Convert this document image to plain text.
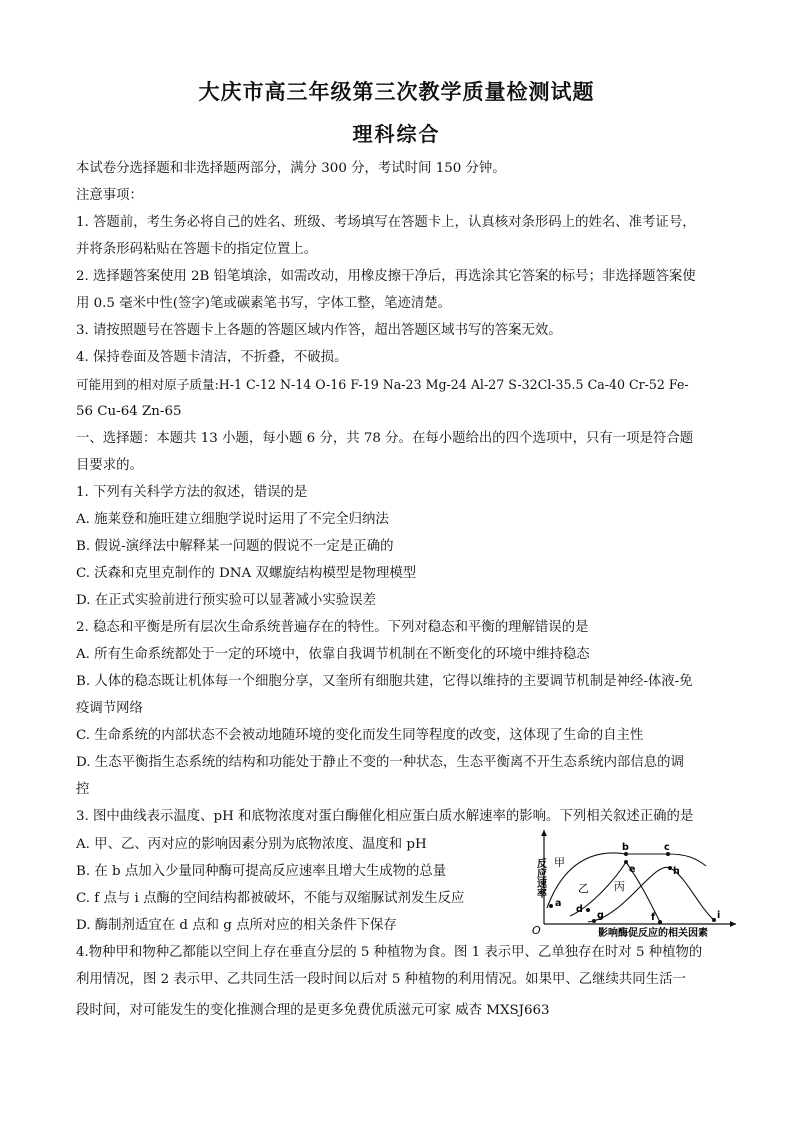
大庆市高三年级第三次教学质量检测试题
理科综合
本试卷分选择题和非选择题两部分，满分 300 分，考试时间 150 分钟。
注意事项：
1. 答题前，考生务必将自己的姓名、班级、考场填写在答题卡上，认真核对条形码上的姓名、准考证号，
并将条形码粘贴在答题卡的指定位置上。
2. 选择题答案使用 2B 铅笔填涂，如需改动，用橡皮擦干净后，再选涂其它答案的标号；非选择题答案使
用 0.5 毫米中性(签字)笔或碳素笔书写，字体工整，笔迹清楚。
3. 请按照题号在答题卡上各题的答题区域内作答，超出答题区域书写的答案无效。
4. 保持卷面及答题卡清洁，不折叠，不破损。
可能用到的相对原子质量:H-1 C-12 N-14 O-16 F-19 Na-23 Mg-24 Al-27 S-32Cl-35.5 Ca-40 Cr-52 Fe-
56 Cu-64 Zn-65
一、选择题：本题共 13 小题，每小题 6 分，共 78 分。在每小题给出的四个选项中，只有一项是符合题
目要求的。
1. 下列有关科学方法的叙述，错误的是
A. 施莱登和施旺建立细胞学说时运用了不完全归纳法
B. 假说-演绎法中解释某一问题的假说不一定是正确的
C. 沃森和克里克制作的 DNA 双螺旋结构模型是物理模型
D. 在正式实验前进行预实验可以显著减小实验误差
2. 稳态和平衡是所有层次生命系统普遍存在的特性。下列对稳态和平衡的理解错误的是
A. 所有生命系统都处于一定的环境中，依靠自我调节机制在不断变化的环境中维持稳态
B. 人体的稳态既让机体每一个细胞分享，又奎所有细胞共建，它得以维持的主要调节机制是神经-体液-免
疫调节网络
C. 生命系统的内部状态不会被动地随环境的变化而发生同等程度的改变，这体现了生命的自主性
D. 生态平衡指生态系统的结构和功能处于静止不变的一种状态，生态平衡离不开生态系统内部信息的调
控
3. 图中曲线表示温度、pH 和底物浓度对蛋白酶催化相应蛋白质水解速率的影响。下列相关叙述正确的是
A. 甲、乙、丙对应的影响因素分别为底物浓度、温度和 pH
B. 在 b 点加入少量同种酶可提高反应速率且增大生成物的总量
C. f 点与 i 点酶的空间结构都被破坏，不能与双缩脲试剂发生反应
D. 酶制剂适宜在 d 点和 g 点所对应的相关条件下保存
反应速率
影响酶促反应的相关因素
O
甲
乙 丙
a
b	c
d
e
f
g
h
i
4.物种甲和物种乙都能以空间上存在垂直分层的 5 种植物为食。图 1 表示甲、乙单独存在时对 5 种植物的
利用情况，图 2 表示甲、乙共同生活一段时间以后对 5 种植物的利用情况。如果甲、乙继续共同生活一
段时间，对可能发生的变化推测合理的是更多免费优质滋元可家 威杏 MXSJ663
